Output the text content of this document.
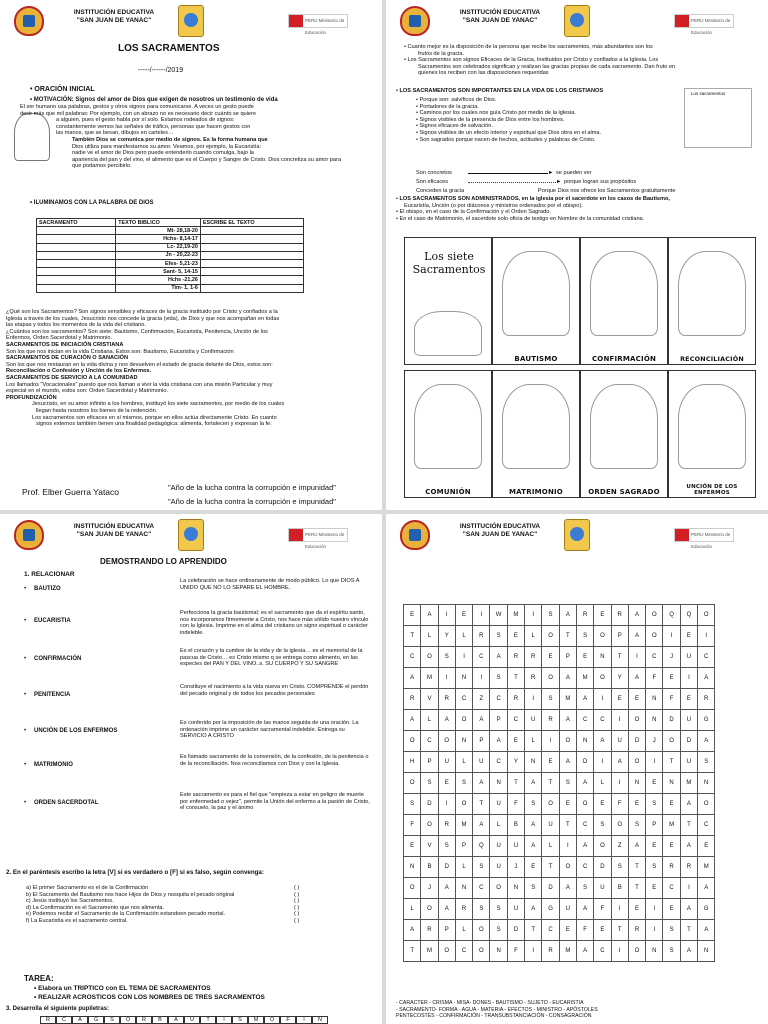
INSTITUCIÓN EDUCATIVA
"SAN JUAN DE YANAC"	PERÚ Ministerio de Educación
LOS SACRAMENTOS
-----/------/2019
• ORACIÓN INICIAL
• MOTIVACIÓN: Signos del amor de Dios que exigen de nosotros un testimonio de vida
El ser humano usa palabras, gestos y otros signos para comunicarse. A veces un gesto puede
decir más que mil palabras: Por ejemplo, con un abrazo no es necesario decir cuánto se quiere
a alguien, pues el gesto habla por sí solo. Estamos rodeados de signos:
constantemente vemos las señales de tráfico, personas que hacen gestos con
las manos, que se besan, dibujos en carteles…
También Dios se comunica por medio de signos. Es la forma humana que
Dios utiliza para manifestarnos su amor. Veamos, por ejemplo, la Eucaristía:
nadie ve el amor de Dios pero puede entenderlo cuando comulga, bajo la
apariencia del pan y del vino, el alimento que es el Cuerpo y Sangre de Cristo. Dios concretiza su amor para
que podamos percibirlo.
• ILUMINAMOS CON LA PALABRA DE DIOS
SACRAMENTO	TEXTO BIBLICO	ESCRIBE EL TEXTO
	Mt- 28,18-20	
	Hchs- 8,14-17	
	Lc- 22,19-20	
	Jn - 20,22-23	
	Efes- 5,21-23	
	Sant- 5, 14-15	
	Hchs -21,26	
	Tim- 1, 1-6	
¿Qué son los Sacramentos? Son signos sensibles y eficaces de la gracia instituido por Cristo y confiados a la
Iglesia a través de los cuales, Jesucristo nos concede la gracia (vida), de Dios y que nos acompañan en todas
las etapas y todos los momentos de la vida del cristiano.
¿Cuántos son los sacramentos? Son siete: Bautismo, Confirmación, Eucaristía, Penitencia, Unción de los
Enfermos, Orden Sacerdotal y Matrimonio.
SACRAMENTOS DE INICIACIÓN CRISTIANA
Son los que nos inician en la vida Cristiana. Estos son: Bautismo, Eucaristía y Confirmación
SACRAMENTOS DE CURACIÓN O SANACIÓN
Son los que nos restauran en la vida divina y nos devuelven el estado de gracia delante de Dios, estos son:
Reconciliación o Confesión y Unción de los Enfermos.
SACRAMENTOS DE SERVICIO A LA COMUNIDAD
Los llamados "Vocacionales" puesto que nos llaman a vivir la vida cristiana con una misión Particular y muy
especial en el mundo, estos son: Orden Sacerdotal y Matrimonio.
PROFUNDIZACIÓN
Jesucristo, en su amor infinito a los hombres, instituyó los siete sacramentos, por medio de los cuales
llegan hasta nosotros los bienes de la redención.
Los sacramentos son eficaces en sí mismos, porque en ellos actúa directamente Cristo. En cuanto
signos externos también tienen una finalidad pedagógica: alimenta, fortalecen y expresan la fe.
Prof. Elber Guerra Yataco	"Año de la lucha contra la corrupción e impunidad"
"Año de la lucha contra la corrupción e impunidad"
INSTITUCIÓN EDUCATIVA
"SAN JUAN DE YANAC"	PERÚ Ministerio de Educación
• Cuanto mejor es la disposición de la persona que recibe los sacramentos, más abundantes son los
frutos de la gracia.
• Los Sacramentos son signos Eficaces de la Gracia, Instituidos por Cristo y confiados a la Iglesia. Los
Sacramentos son celebrados significan y realizan las gracias propias de cada sacramento. Dan fruto en
quienes los reciben con las disposiciones requeridas
• LOS SACRAMENTOS SON IMPORTANTES EN LA VIDA DE LOS CRISTIANOS
• Porque son: salvíficos de Dios.
• Portadores de la gracia.
• Caminos por los cuales nos guía Cristo por medio de la iglesia.
• Signos visibles de la presencia de Dios entre los hombres.
• Signos eficaces de salvación.
• Signos visibles de un efecto interior y espiritual que Dios obra en el alma.
• Son sagrados porque nacen de hechos, actitudes y palabras de Cristo.
Los sacramentos
Son concretos
Son eficaces
Conceden la gracia
►
►
se pueden ver
porque logran sus propósitos
Porque Dios nos ofrece los Sacramentos gratuitamente
• LOS SACRAMENTOS SON ADMINISTRADOS, en la iglesia por el sacerdote en los casos de Bautismo,
Eucaristía, Unción (o por diáconos y ministros ordenados por el obispo).
• El obispo, en el caso de la Confirmación y el Orden Sagrado.
• En el caso de Matrimonio, el sacerdote solo oficia de testigo en Nombre de la comunidad cristiana.
Los siete Sacramentos
BAUTISMO	CONFIRMACIÓN	RECONCILIACIÓN
COMUNIÓN	MATRIMONIO	ORDEN SAGRADO
UNCIÓN DE LOS ENFERMOS
INSTITUCIÓN EDUCATIVA
"SAN JUAN DE YANAC"	PERÚ Ministerio de Educación
DEMOSTRANDO LO APRENDIDO
1. RELACIONAR
BAUTIZO
•
La celebración se hace ordinariamente de modo público. Lo que DIOS A UNIDO QUE NO LO SEPARE EL HOMBRE.
EUCARISTIA
•
Perfecciona la gracia bautismal; es el sacramento que da el espíritu santo, nos incorporamos firmemente a Cristo, nos hace más sólido nuestro vínculo con la Iglesia. Imprime en el alma del cristiano un signo espiritual o carácter indeleble.
CONFIRMACIÓN
•
Es el corazón y la cumbre de la vida y de la iglesia… es el memorial de la pascua de Cristo… es Cristo mismo q se entrega como alimento, en las especies del PAN Y DEL VINO..s. SU CUERPO Y SU SANGRE
PENITENCIA
•
Constituye el nacimiento a la vida nueva en Cristo. COMPRENDE el perdón del pecado original y de todos los pecados personales
UNCIÓN DE LOS ENFERMOS
•
Es conferido por la imposición de las manos seguida de una oración. La ordenación imprime un carácter sacramental indeleble. Entrega su SERVICIO A CRISTO
MATRIMONIO
•
Es llamado sacramento de la conversión, de la confesión, de la penitencia o de la reconciliación. Nos reconciliamos con Dios y con la Iglesia.
ORDEN SACERDOTAL
•
Este sacramento es para el fiel que "empieza a estar en peligro de muerte por enfermedad o vejez", permite la Unión del enfermo a la pasión de Cristo, el consuelo, la paz y el ánimo
2. En el paréntesis escribo la letra [V] si es verdadero o [F] si es falso, según convenga:
a) El primer Sacramento es el de la Confirmación	( )
b) El Sacramento del Bautismo nos hace Hijos de Dios y nosquita el pecado original	( )
c) Jesús instituyó los Sacramentos.	( )
d) La Confirmación es el Sacramento que nos alimenta.	( )
e) Podemos recibir el Sacramento de la Confirmación estandoen pecado mortal.	( )
f) La Eucaristía es el sacramento central.	( )
TAREA:
• Elabora un TRIPTICO con EL TEMA DE SACRAMENTOS
• REALIZAR ACROSTICOS CON LOS NOMBRES DE TRES SACRAMENTOS
3. Desarrolla el siguiente pupiletras:
R	C	A	G	S	O	R	B	A	U	T	I	S	M	O	F	I	N
INSTITUCIÓN EDUCATIVA
"SAN JUAN DE YANAC"	PERÚ Ministerio de Educación
E	A	I	E	I	W	M	I	S	A	R	E	R	A	O	Q	Q	O
T	L	Y	L	R	S	E	L	O	T	S	O	P	A	O	I	E	I
C	O	S	I	C	A	R	R	E	P	E	N	T	I	C	J	U	C
A	M	I	N	I	S	T	R	O	A	M	O	Y	A	F	E	I	A
R	V	R	C	Z	C	R	I	S	M	A	I	E	E	N	F	E	R
A	L	A	O	A	P	C	U	R	A	C	C	I	O	N	D	U	G
O	C	O	N	P	A	E	L	I	O	N	A	U	D	J	O	D	A
H	P	U	L	U	C	Y	N	E	A	D	I	A	O	I	T	U	S
O	S	E	S	A	N	T	A	T	S	A	L	I	N	E	N	M	N
S	D	I	O	T	U	F	S	O	E	O	E	F	E	S	E	A	O
F	O	R	M	A	L	B	A	U	T	C	S	O	S	P	M	T	C
E	V	S	P	Q	U	U	A	L	I	A	O	Z	A	E	E	A	E
N	B	D	L	S	U	J	E	T	O	C	D	S	T	S	R	R	M
O	J	A	N	C	O	N	S	D	A	S	U	B	T	E	C	I	A
L	O	A	R	S	S	U	A	G	U	A	F	I	E	I	E	A	G
A	R	P	L	O	S	D	T	C	E	F	E	T	R	I	S	T	A
T	M	O	C	O	N	F	I	R	M	A	C	I	O	N	S	A	N
- CARACTER - CRISMA - MISA- DONES - BAUTISMO - SUJETO - EUCARISTIA
- SACRAMENTO- FORMA - AGUA - MATERIA - EFECTOS - MINISTRO - APÓSTOLES
PENTECOSTÉS - CONFIRMACIÓN - TRANSUBSTANCIACIÓN - CONSAGRACIÓN
